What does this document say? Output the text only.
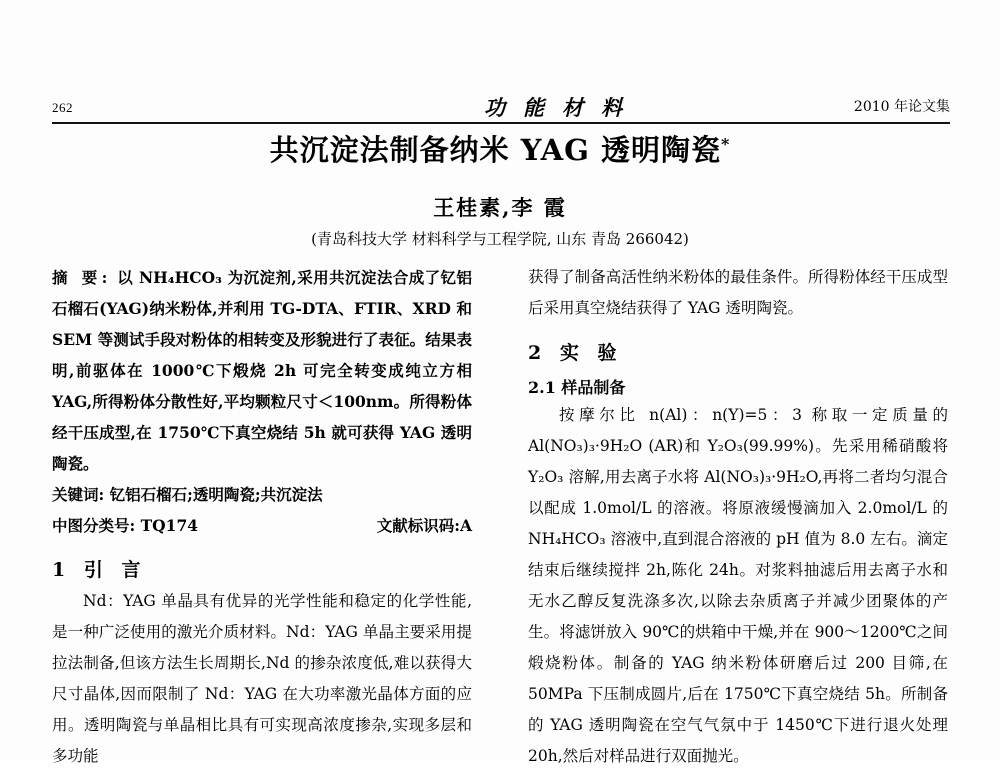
262	功能材料	2010 年论文集
共沉淀法制备纳米 YAG 透明陶瓷*
王桂素,李 霞
(青岛科技大学 材料科学与工程学院, 山东 青岛 266042)

摘 要: 以 NH₄HCO₃ 为沉淀剂,采用共沉淀法合成了钇铝石榴石(YAG)纳米粉体,并利用 TG-DTA、FTIR、XRD 和 SEM 等测试手段对粉体的相转变及形貌进行了表征。结果表明,前驱体在 1000℃下煅烧 2h 可完全转变成纯立方相 YAG,所得粉体分散性好,平均颗粒尺寸＜100nm。所得粉体经干压成型,在 1750℃下真空烧结 5h 就可获得 YAG 透明陶瓷。

关键词: 钇铝石榴石;透明陶瓷;共沉淀法

中图分类号: TQ174	文献标识码:A

1 引 言

Nd：YAG 单晶具有优异的光学性能和稳定的化学性能,是一种广泛使用的激光介质材料。Nd：YAG 单晶主要采用提拉法制备,但该方法生长周期长,Nd 的掺杂浓度低,难以获得大尺寸晶体,因而限制了 Nd：YAG 在大功率激光晶体方面的应用。透明陶瓷与单晶相比具有可实现高浓度掺杂,实现多层和多功能

获得了制备高活性纳米粉体的最佳条件。所得粉体经干压成型后采用真空烧结获得了 YAG 透明陶瓷。

2 实 验
2.1 样品制备

按摩尔比 n(Al)：n(Y)=5：3 称取一定质量的 Al(NO₃)₃·9H₂O (AR)和 Y₂O₃(99.99%)。先采用稀硝酸将 Y₂O₃ 溶解,用去离子水将 Al(NO₃)₃·9H₂O,再将二者均匀混合以配成 1.0mol/L 的溶液。将原液缓慢滴加入 2.0mol/L 的 NH₄HCO₃ 溶液中,直到混合溶液的 pH 值为 8.0 左右。滴定结束后继续搅拌 2h,陈化 24h。对浆料抽滤后用去离子水和无水乙醇反复洗涤多次,以除去杂质离子并减少团聚体的产生。将滤饼放入 90℃的烘箱中干燥,并在 900～1200℃之间煅烧粉体。制备的 YAG 纳米粉体研磨后过 200 目筛,在 50MPa 下压制成圆片,后在 1750℃下真空烧结 5h。所制备的 YAG 透明陶瓷在空气气氛中于 1450℃下进行退火处理 20h,然后对样品进行双面抛光。
